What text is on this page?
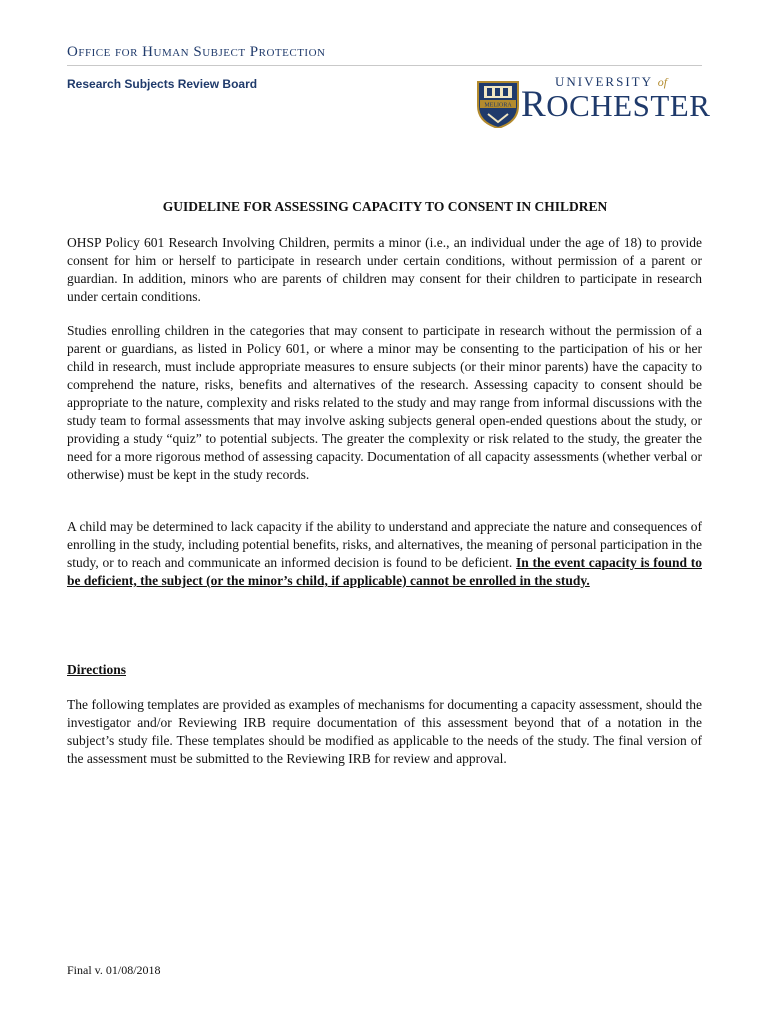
Office for Human Subject Protection
Research Subjects Review Board
MELIORA
UNIVERSITY of
ROCHESTER
GUIDELINE FOR ASSESSING CAPACITY TO CONSENT IN CHILDREN

OHSP Policy 601 Research Involving Children, permits a minor (i.e., an individual under the age of 18) to provide consent for him or herself to participate in research under certain conditions, without permission of a parent or guardian. In addition, minors who are parents of children may consent for their children to participate in research under certain conditions.

Studies enrolling children in the categories that may consent to participate in research without the permission of a parent or guardians, as listed in Policy 601, or where a minor may be consenting to the participation of his or her child in research, must include appropriate measures to ensure subjects (or their minor parents) have the capacity to comprehend the nature, risks, benefits and alternatives of the research. Assessing capacity to consent should be appropriate to the nature, complexity and risks related to the study and may range from informal discussions with the study team to formal assessments that may involve asking subjects general open-ended questions about the study, or providing a study “quiz” to potential subjects. The greater the complexity or risk related to the study, the greater the need for a more rigorous method of assessing capacity. Documentation of all capacity assessments (whether verbal or otherwise) must be kept in the study records.

A child may be determined to lack capacity if the ability to understand and appreciate the nature and consequences of enrolling in the study, including potential benefits, risks, and alternatives, the meaning of personal participation in the study, or to reach and communicate an informed decision is found to be deficient. In the event capacity is found to be deficient, the subject (or the minor’s child, if applicable) cannot be enrolled in the study.

Directions

The following templates are provided as examples of mechanisms for documenting a capacity assessment, should the investigator and/or Reviewing IRB require documentation of this assessment beyond that of a notation in the subject’s study file. These templates should be modified as applicable to the needs of the study. The final version of the assessment must be submitted to the Reviewing IRB for review and approval.

Final v. 01/08/2018
